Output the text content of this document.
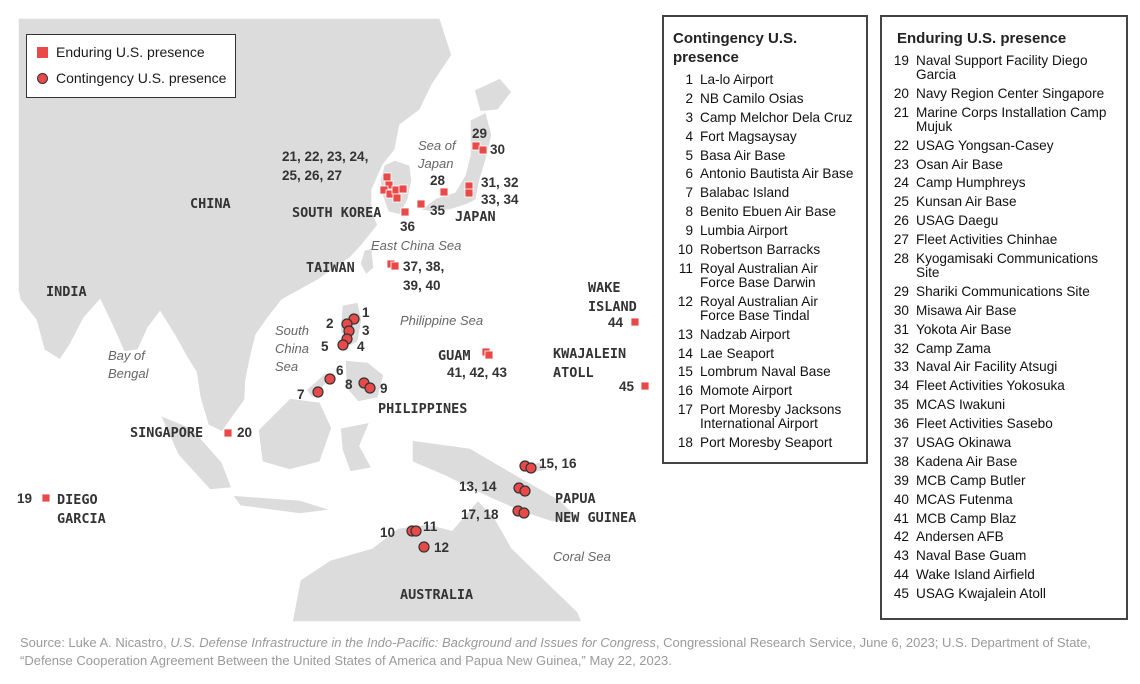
CHINA
INDIA
SOUTH KOREA	JAPAN
TAIWAN
PHILIPPINES
SINGAPORE
GUAM
WAKE ISLAND
KWAJALEIN ATOLL
DIEGO GARCIA
PAPUA NEW GUINEA
AUSTRALIA
Sea of Japan
East China Sea
Philippine Sea
South China Sea
Bay of Bengal
Coral Sea
1
2 3
4
5
6
7
8 9
10 11
12
13, 14
15, 16
17, 18
19
20
21, 22, 23, 24, 25, 26, 27	28
29
30
31, 32
33, 34
35
36
37, 38, 39, 40
41, 42, 43
44
45
Enduring U.S. presence
Contingency U.S. presence
Contingency U.S. presence
1 La-lo Airport
2 NB Camilo Osias
3 Camp Melchor Dela Cruz
4 Fort Magsaysay
5 Basa Air Base
6 Antonio Bautista Air Base
7 Balabac Island
8 Benito Ebuen Air Base
9 Lumbia Airport
10 Robertson Barracks
11 Royal Australian Air Force Base Darwin
12 Royal Australian Air Force Base Tindal
13 Nadzab Airport
14 Lae Seaport
15 Lombrum Naval Base
16 Momote Airport
17 Port Moresby Jacksons International Airport
18 Port Moresby Seaport
Enduring U.S. presence
19 Naval Support Facility Diego Garcia
20 Navy Region Center Singapore
21 Marine Corps Installation Camp Mujuk
22 USAG Yongsan-Casey
23 Osan Air Base
24 Camp Humphreys
25 Kunsan Air Base
26 USAG Daegu
27 Fleet Activities Chinhae
28 Kyogamisaki Communications Site
29 Shariki Communications Site
30 Misawa Air Base
31 Yokota Air Base
32 Camp Zama
33 Naval Air Facility Atsugi
34 Fleet Activities Yokosuka
35 MCAS Iwakuni
36 Fleet Activities Sasebo
37 USAG Okinawa
38 Kadena Air Base
39 MCB Camp Butler
40 MCAS Futenma
41 MCB Camp Blaz
42 Andersen AFB
43 Naval Base Guam
44 Wake Island Airfield
45 USAG Kwajalein Atoll
Source: Luke A. Nicastro, U.S. Defense Infrastructure in the Indo-Pacific: Background and Issues for Congress, Congressional Research Service, June 6, 2023; U.S. Department of State, “Defense Cooperation Agreement Between the United States of America and Papua New Guinea,” May 22, 2023.
